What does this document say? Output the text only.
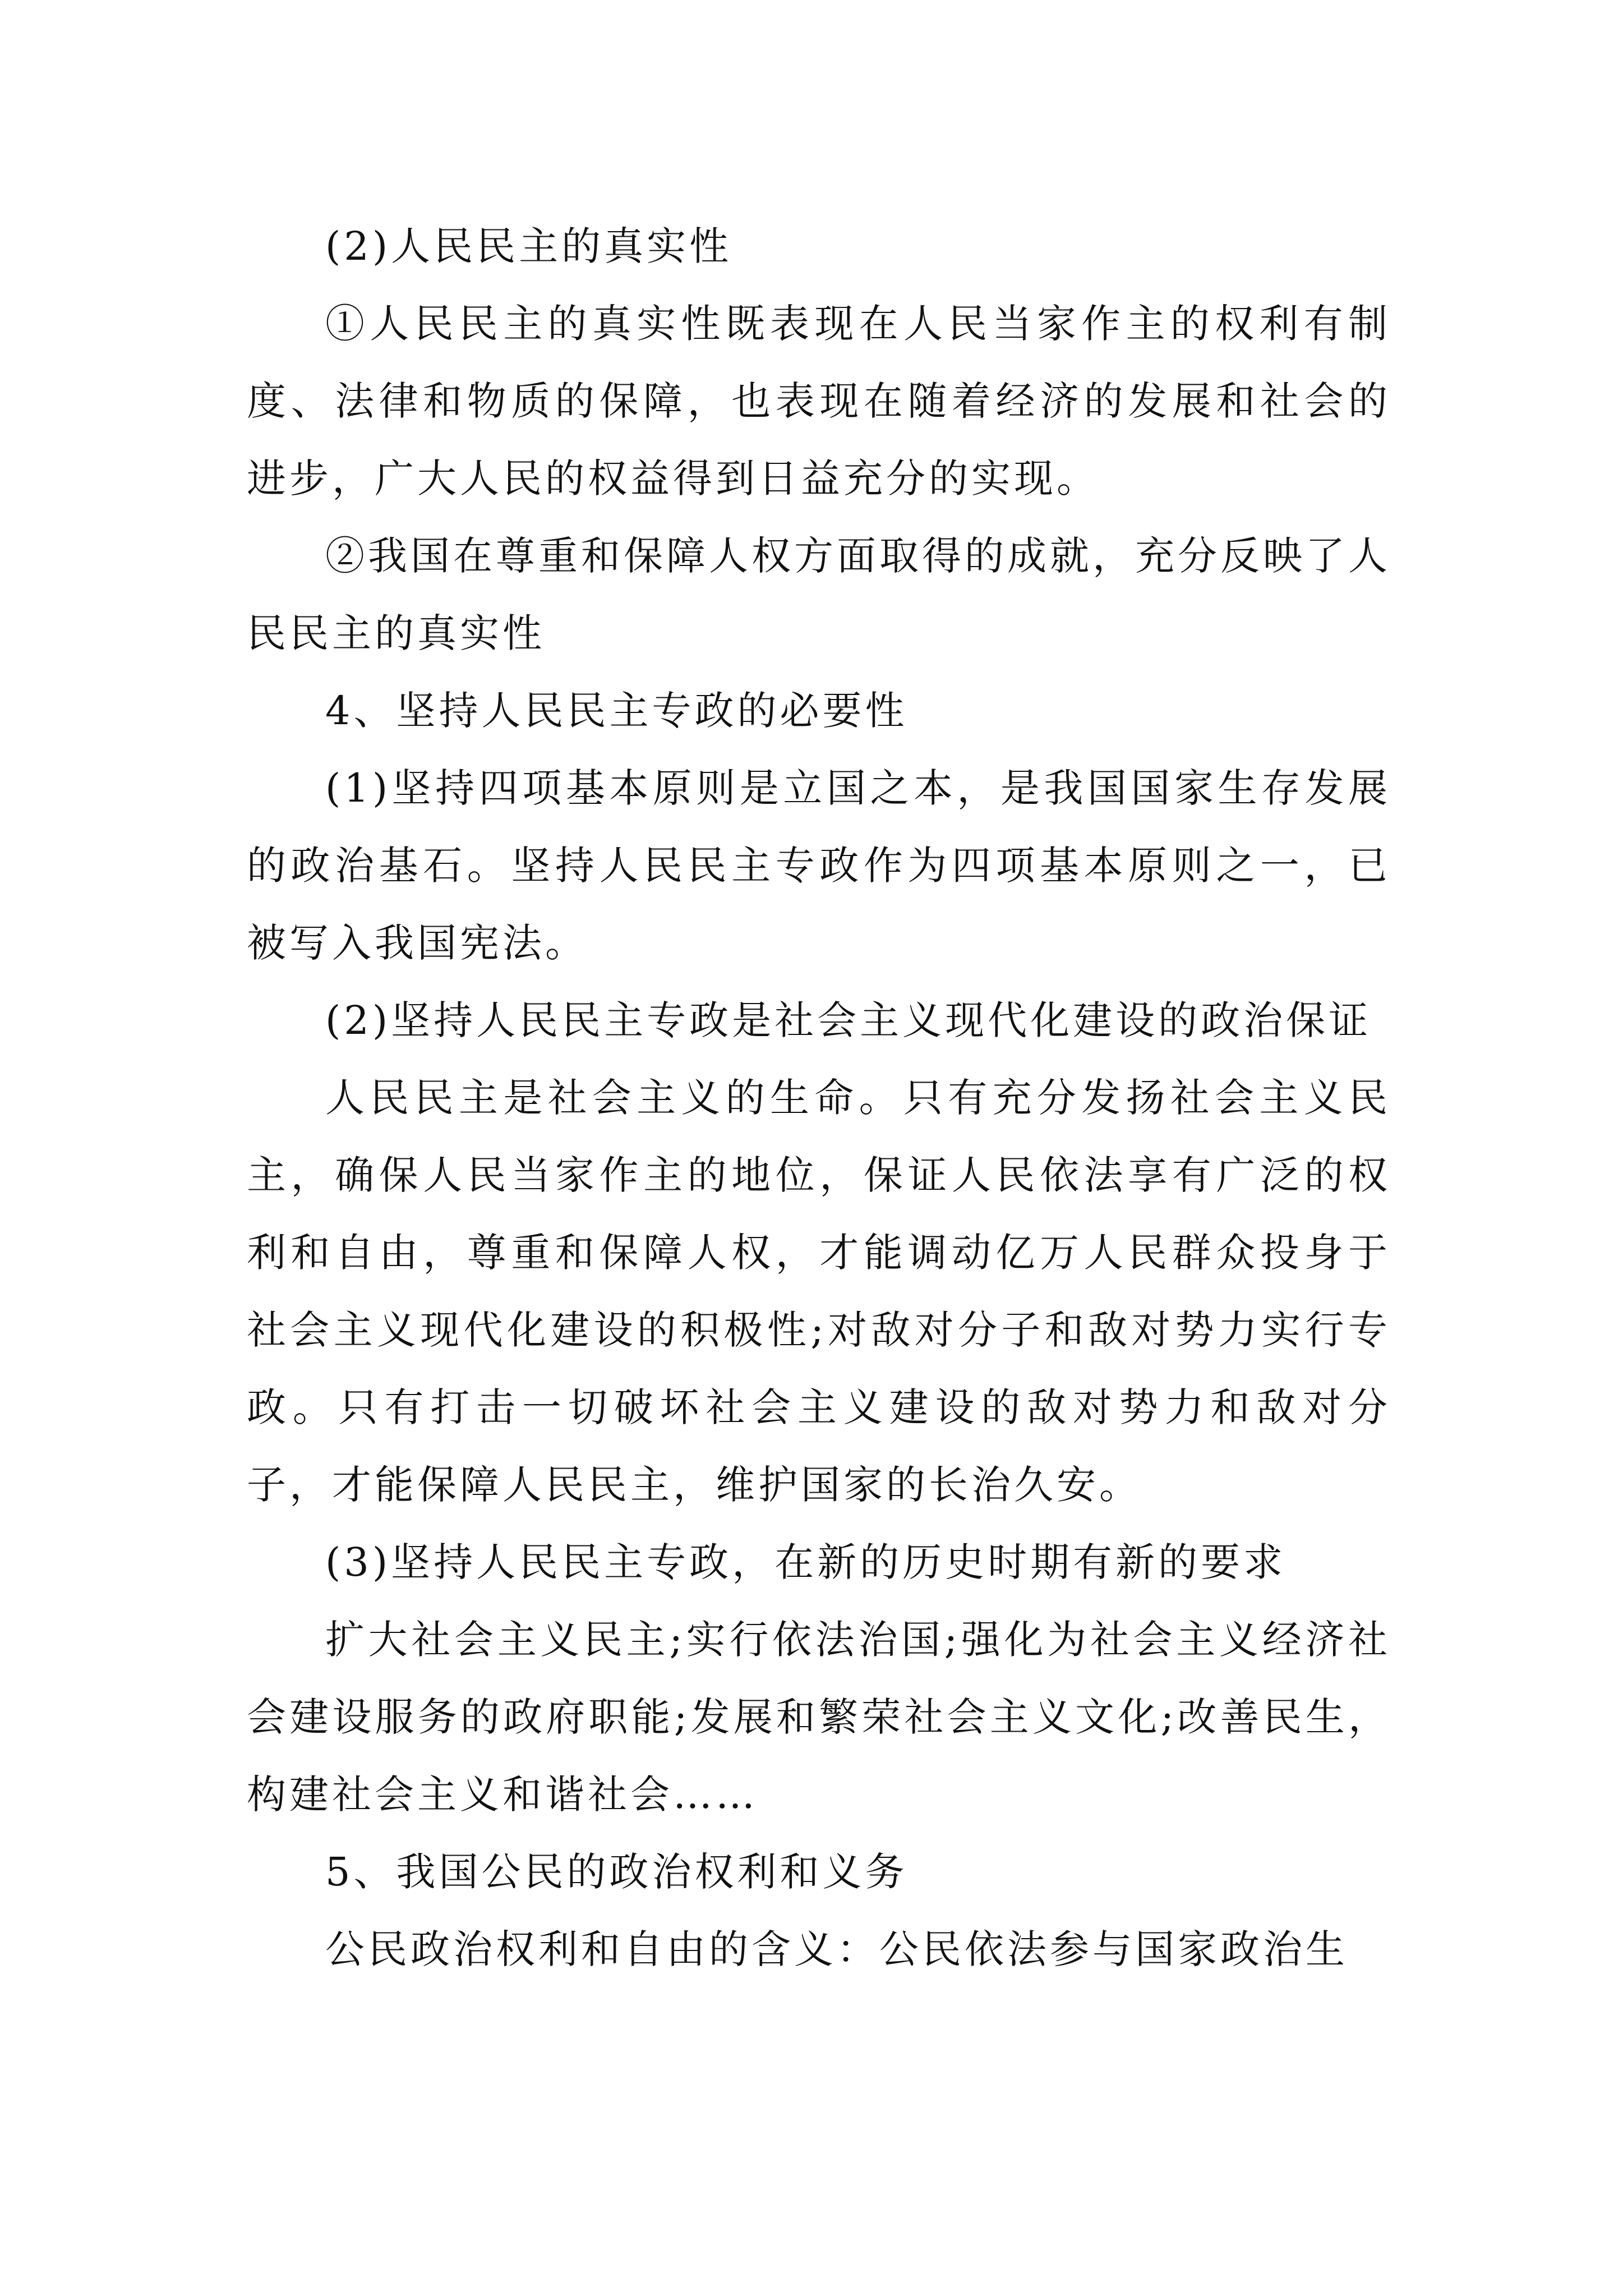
(2)人民民主的真实性

①人民民主的真实性既表现在人民当家作主的权利有制度、法律和物质的保障，也表现在随着经济的发展和社会的进步，广大人民的权益得到日益充分的实现。

②我国在尊重和保障人权方面取得的成就，充分反映了人民民主的真实性

4、坚持人民民主专政的必要性

(1)坚持四项基本原则是立国之本，是我国国家生存发展的政治基石。坚持人民民主专政作为四项基本原则之一，已被写入我国宪法。

(2)坚持人民民主专政是社会主义现代化建设的政治保证

人民民主是社会主义的生命。只有充分发扬社会主义民主，确保人民当家作主的地位，保证人民依法享有广泛的权利和自由，尊重和保障人权，才能调动亿万人民群众投身于社会主义现代化建设的积极性;对敌对分子和敌对势力实行专政。只有打击一切破坏社会主义建设的敌对势力和敌对分子，才能保障人民民主，维护国家的长治久安。

(3)坚持人民民主专政，在新的历史时期有新的要求

扩大社会主义民主;实行依法治国;强化为社会主义经济社会建设服务的政府职能;发展和繁荣社会主义文化;改善民生，构建社会主义和谐社会……

5、我国公民的政治权利和义务

公民政治权利和自由的含义：公民依法参与国家政治生
